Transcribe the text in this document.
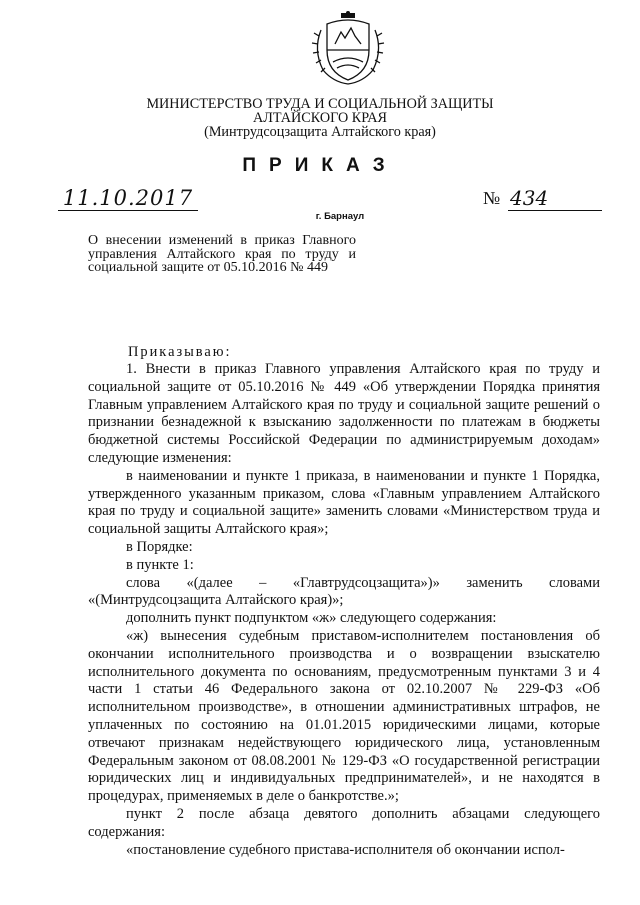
МИНИСТЕРСТВО ТРУДА И СОЦИАЛЬНОЙ ЗАЩИТЫ
АЛТАЙСКОГО КРАЯ
(Минтрудсоцзащита Алтайского края)
ПРИКАЗ
11.10.2017	№ 434
г. Барнаул
О внесении изменений в приказ Главного управления Алтайского края по труду и социальной защите от 05.10.2016 № 449
Приказываю:

1. Внести в приказ Главного управления Алтайского края по труду и социальной защите от 05.10.2016 № 449 «Об утверждении Порядка принятия Главным управлением Алтайского края по труду и социальной защите решений о признании безнадежной к взысканию задолженности по платежам в бюджеты бюджетной системы Российской Федерации по администрируемым доходам» следующие изменения:

в наименовании и пункте 1 приказа, в наименовании и пункте 1 Порядка, утвержденного указанным приказом, слова «Главным управлением Алтайского края по труду и социальной защите» заменить словами «Министерством труда и социальной защиты Алтайского края»;

в Порядке:

в пункте 1:

слова «(далее – «Главтрудсоцзащита»)» заменить словами «(Минтрудсоцзащита Алтайского края)»;

дополнить пункт подпунктом «ж» следующего содержания:

«ж) вынесения судебным приставом-исполнителем постановления об окончании исполнительного производства и о возвращении взыскателю исполнительного документа по основаниям, предусмотренным пунктами 3 и 4 части 1 статьи 46 Федерального закона от 02.10.2007 № 229-ФЗ «Об исполнительном производстве», в отношении административных штрафов, не уплаченных по состоянию на 01.01.2015 юридическими лицами, которые отвечают признакам недействующего юридического лица, установленным Федеральным законом от 08.08.2001 № 129-ФЗ «О государственной регистрации юридических лиц и индивидуальных предпринимателей», и не находятся в процедурах, применяемых в деле о банкротстве.»;

пункт 2 после абзаца девятого дополнить абзацами следующего содержания:

«постановление судебного пристава-исполнителя об окончании испол-
